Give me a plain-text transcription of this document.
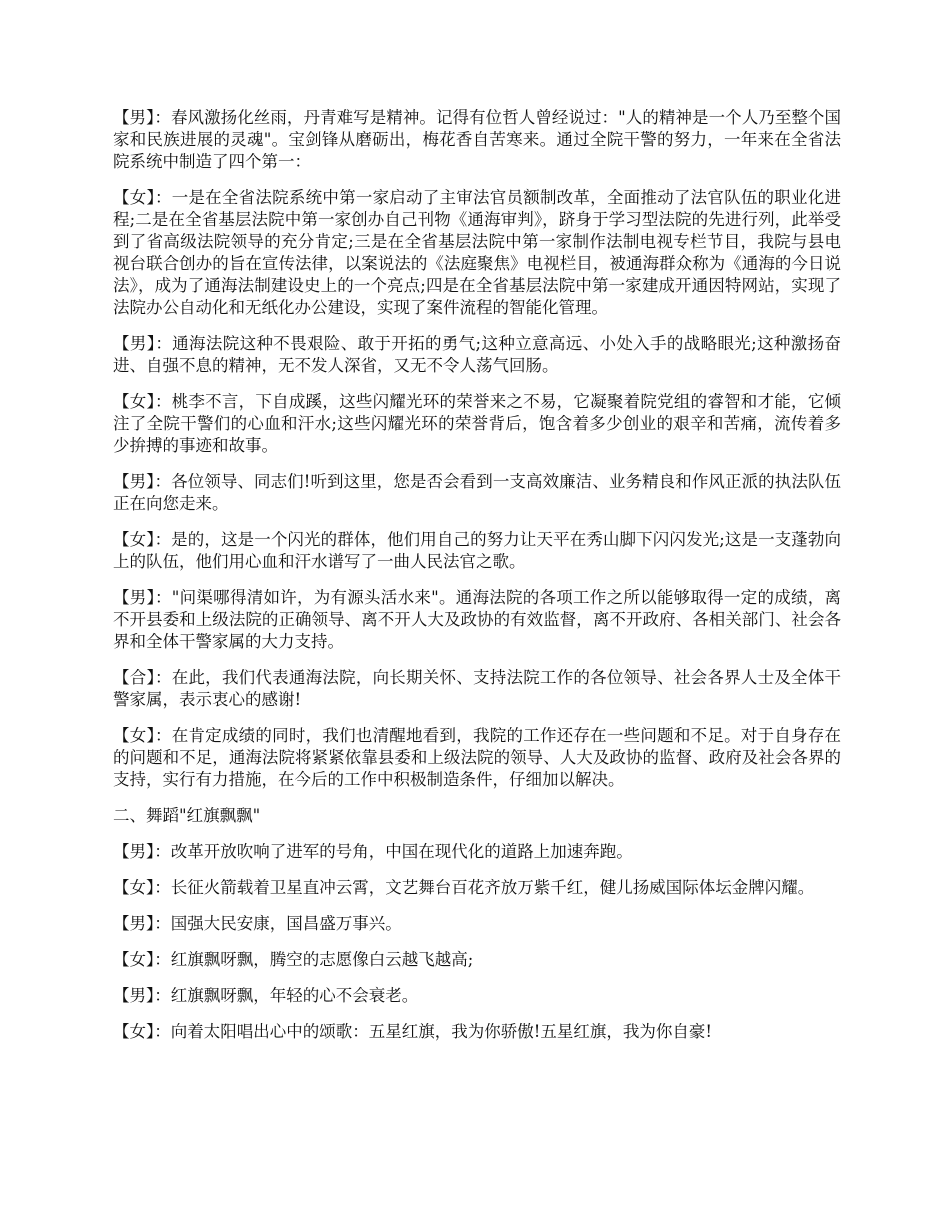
【男】：春风激扬化丝雨，丹青难写是精神。记得有位哲人曾经说过："人的精神是一个人乃至整个国家和民族进展的灵魂"。宝剑锋从磨砺出，梅花香自苦寒来。通过全院干警的努力，一年来在全省法院系统中制造了四个第一：

【女】：一是在全省法院系统中第一家启动了主审法官员额制改革，全面推动了法官队伍的职业化进程;二是在全省基层法院中第一家创办自己刊物《通海审判》，跻身于学习型法院的先进行列，此举受到了省高级法院领导的充分肯定;三是在全省基层法院中第一家制作法制电视专栏节目，我院与县电视台联合创办的旨在宣传法律，以案说法的《法庭聚焦》电视栏目，被通海群众称为《通海的今日说法》，成为了通海法制建设史上的一个亮点;四是在全省基层法院中第一家建成开通因特网站，实现了法院办公自动化和无纸化办公建设，实现了案件流程的智能化管理。

【男】：通海法院这种不畏艰险、敢于开拓的勇气;这种立意高远、小处入手的战略眼光;这种激扬奋进、自强不息的精神，无不发人深省，又无不令人荡气回肠。

【女】：桃李不言，下自成蹊，这些闪耀光环的荣誉来之不易，它凝聚着院党组的睿智和才能，它倾注了全院干警们的心血和汗水;这些闪耀光环的荣誉背后，饱含着多少创业的艰辛和苦痛，流传着多少拚搏的事迹和故事。

【男】：各位领导、同志们!听到这里，您是否会看到一支高效廉洁、业务精良和作风正派的执法队伍正在向您走来。

【女】：是的，这是一个闪光的群体，他们用自己的努力让天平在秀山脚下闪闪发光;这是一支蓬勃向上的队伍，他们用心血和汗水谱写了一曲人民法官之歌。

【男】："问渠哪得清如许，为有源头活水来"。通海法院的各项工作之所以能够取得一定的成绩，离不开县委和上级法院的正确领导、离不开人大及政协的有效监督，离不开政府、各相关部门、社会各界和全体干警家属的大力支持。

【合】：在此，我们代表通海法院，向长期关怀、支持法院工作的各位领导、社会各界人士及全体干警家属，表示衷心的感谢!

【女】：在肯定成绩的同时，我们也清醒地看到，我院的工作还存在一些问题和不足。对于自身存在的问题和不足，通海法院将紧紧依靠县委和上级法院的领导、人大及政协的监督、政府及社会各界的支持，实行有力措施，在今后的工作中积极制造条件，仔细加以解决。

二、舞蹈"红旗飘飘"

【男】：改革开放吹响了进军的号角，中国在现代化的道路上加速奔跑。

【女】：长征火箭载着卫星直冲云霄，文艺舞台百花齐放万紫千红，健儿扬威国际体坛金牌闪耀。

【男】：国强大民安康，国昌盛万事兴。

【女】：红旗飘呀飘，腾空的志愿像白云越飞越高;

【男】：红旗飘呀飘，年轻的心不会衰老。

【女】：向着太阳唱出心中的颂歌：五星红旗，我为你骄傲!五星红旗，我为你自豪!
